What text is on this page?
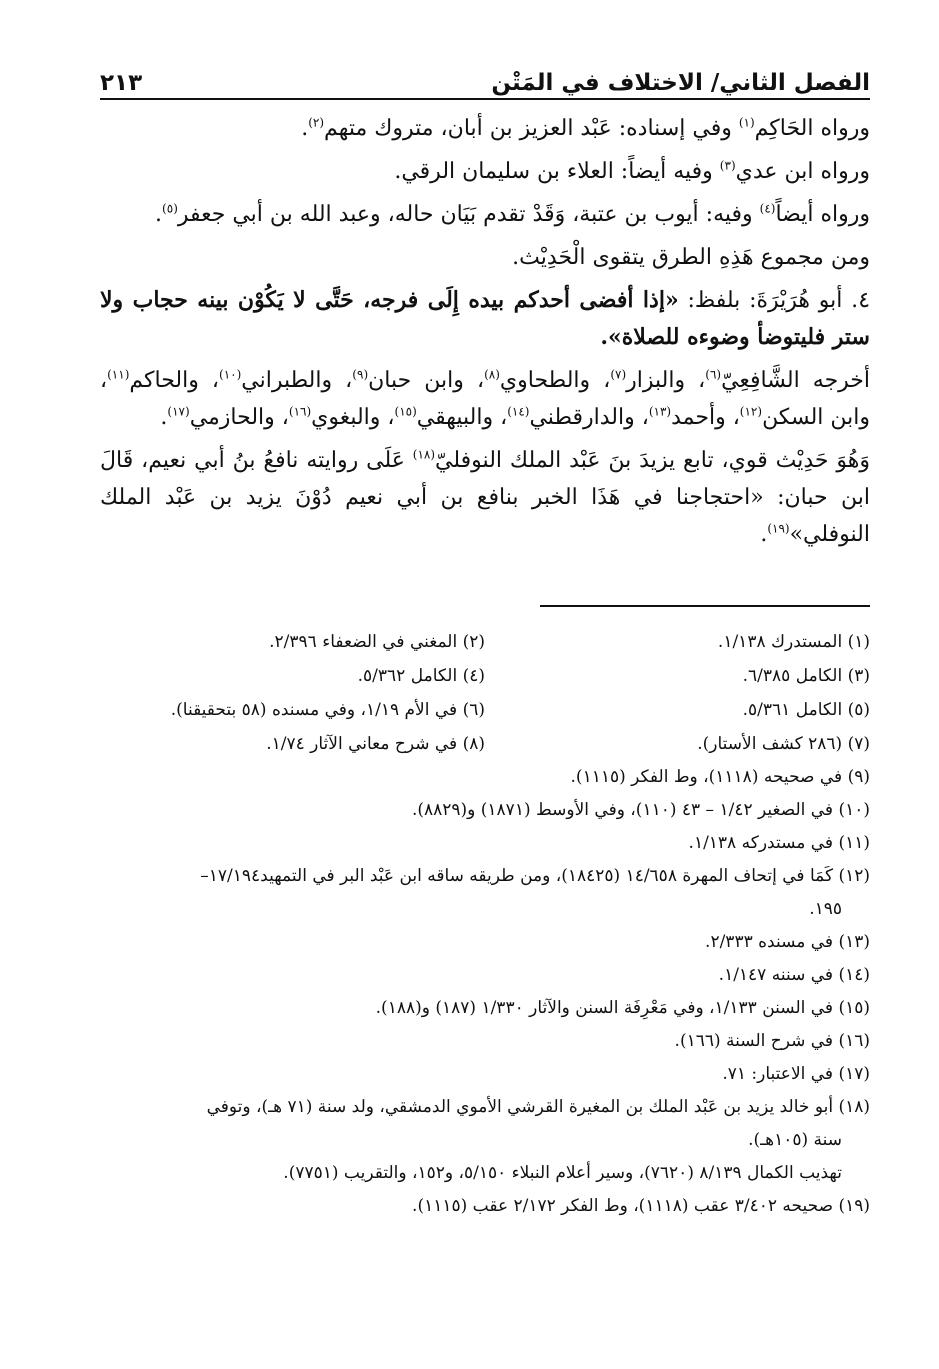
الفصل الثاني/ الاختلاف في المَتْن
٢١٣

ورواه الحَاكِم$^{(١)}$ وفي إسناده: عَبْد العزيز بن أبان، متروك متهم$^{(٢)}$.

ورواه ابن عدي$^{(٣)}$ وفيه أيضاً: العلاء بن سليمان الرقي.

ورواه أيضاً$^{(٤)}$ وفيه: أيوب بن عتبة، وَقَدْ تقدم بَيَان حاله، وعبد الله بن أبي جعفر$^{(٥)}$.

ومن مجموع هَذِهِ الطرق يتقوى الْحَدِيْث.

٤. أبو هُرَيْرَةَ: بلفظ: «إذا أفضى أحدكم بيده إِلَى فرجه، حَتَّى لا يَكُوْن بينه حجاب ولا ستر فليتوضأ وضوءه للصلاة».

أخرجه الشَّافِعِيّ$^{(٦)}$، والبزار$^{(٧)}$، والطحاوي$^{(٨)}$، وابن حبان$^{(٩)}$، والطبراني$^{(١٠)}$، والحاكم$^{(١١)}$، وابن السكن$^{(١٢)}$، وأحمد$^{(١٣)}$، والدارقطني$^{(١٤)}$، والبيهقي$^{(١٥)}$، والبغوي$^{(١٦)}$، والحازمي$^{(١٧)}$.

وَهُوَ حَدِيْث قوي، تابع يزيدَ بنَ عَبْد الملك النوفليّ$^{(١٨)}$ عَلَى روايته نافعُ بنُ أبي نعيم، قَالَ ابن حبان: «احتجاجنا في هَذَا الخبر بنافع بن أبي نعيم دُوْنَ يزيد بن عَبْد الملك النوفلي»$^{(١٩)}$.

(١) المستدرك ١/١٣٨.
(٢) المغني في الضعفاء ٢/٣٩٦.
(٣) الكامل ٦/٣٨٥.
(٤) الكامل ٥/٣٦٢.
(٥) الكامل ٥/٣٦١.
(٦) في الأم ١/١٩، وفي مسنده (٥٨ بتحقيقنا).
(٧) (٢٨٦ كشف الأستار).
(٨) في شرح معاني الآثار ١/٧٤.
(٩) في صحيحه (١١١٨)، وط الفكر (١١١٥).
(١٠) في الصغير ١/٤٢ – ٤٣ (١١٠)، وفي الأوسط (١٨٧١) و(٨٨٢٩).
(١١) في مستدركه ١/١٣٨.
(١٢) كَمَا في إتحاف المهرة ١٤/٦٥٨ (١٨٤٢٥)، ومن طريقه ساقه ابن عَبْد البر في التمهيد١٧/١٩٤–
١٩٥.
(١٣) في مسنده ٢/٣٣٣.
(١٤) في سننه ١/١٤٧.
(١٥) في السنن ١/١٣٣، وفي مَعْرِفَة السنن والآثار ١/٣٣٠ (١٨٧) و(١٨٨).
(١٦) في شرح السنة (١٦٦).
(١٧) في الاعتبار: ٧١.
(١٨) أبو خالد يزيد بن عَبْد الملك بن المغيرة القرشي الأموي الدمشقي، ولد سنة (٧١ هـ)، وتوفي
سنة (١٠٥هـ).
تهذيب الكمال ٨/١٣٩ (٧٦٢٠)، وسير أعلام النبلاء ٥/١٥٠، و١٥٢، والتقريب (٧٧٥١).
(١٩) صحيحه ٣/٤٠٢ عقب (١١١٨)، وط الفكر ٢/١٧٢ عقب (١١١٥).
